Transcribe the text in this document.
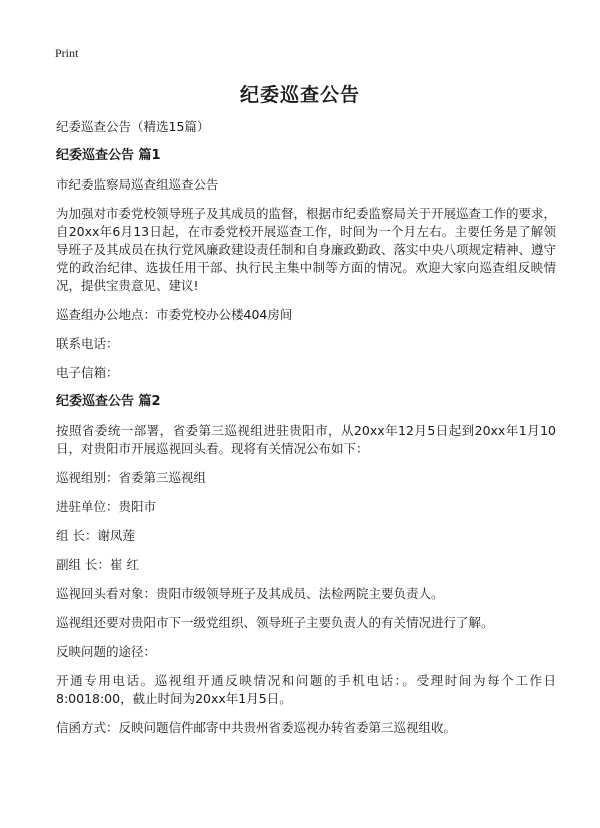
Print
纪委巡查公告

纪委巡查公告（精选15篇）

纪委巡查公告 篇1

市纪委监察局巡查组巡查公告

为加强对市委党校领导班子及其成员的监督，根据市纪委监察局关于开展巡查工作的要求，自20xx年6月13日起，在市委党校开展巡查工作，时间为一个月左右。主要任务是了解领导班子及其成员在执行党风廉政建设责任制和自身廉政勤政、落实中央八项规定精神、遵守党的政治纪律、选拔任用干部、执行民主集中制等方面的情况。欢迎大家向巡查组反映情况，提供宝贵意见、建议!

巡查组办公地点：市委党校办公楼404房间

联系电话：

电子信箱：

纪委巡查公告 篇2

按照省委统一部署，省委第三巡视组进驻贵阳市，从20xx年12月5日起到20xx年1月10日，对贵阳市开展巡视回头看。现将有关情况公布如下：

巡视组别：省委第三巡视组

进驻单位：贵阳市

组 长：谢凤莲

副组 长：崔 红

巡视回头看对象：贵阳市级领导班子及其成员、法检两院主要负责人。

巡视组还要对贵阳市下一级党组织、领导班子主要负责人的有关情况进行了解。

反映问题的途径：

开通专用电话。巡视组开通反映情况和问题的手机电话：。受理时间为每个工作日8:0018:00，截止时间为20xx年1月5日。

信函方式：反映问题信件邮寄中共贵州省委巡视办转省委第三巡视组收。
